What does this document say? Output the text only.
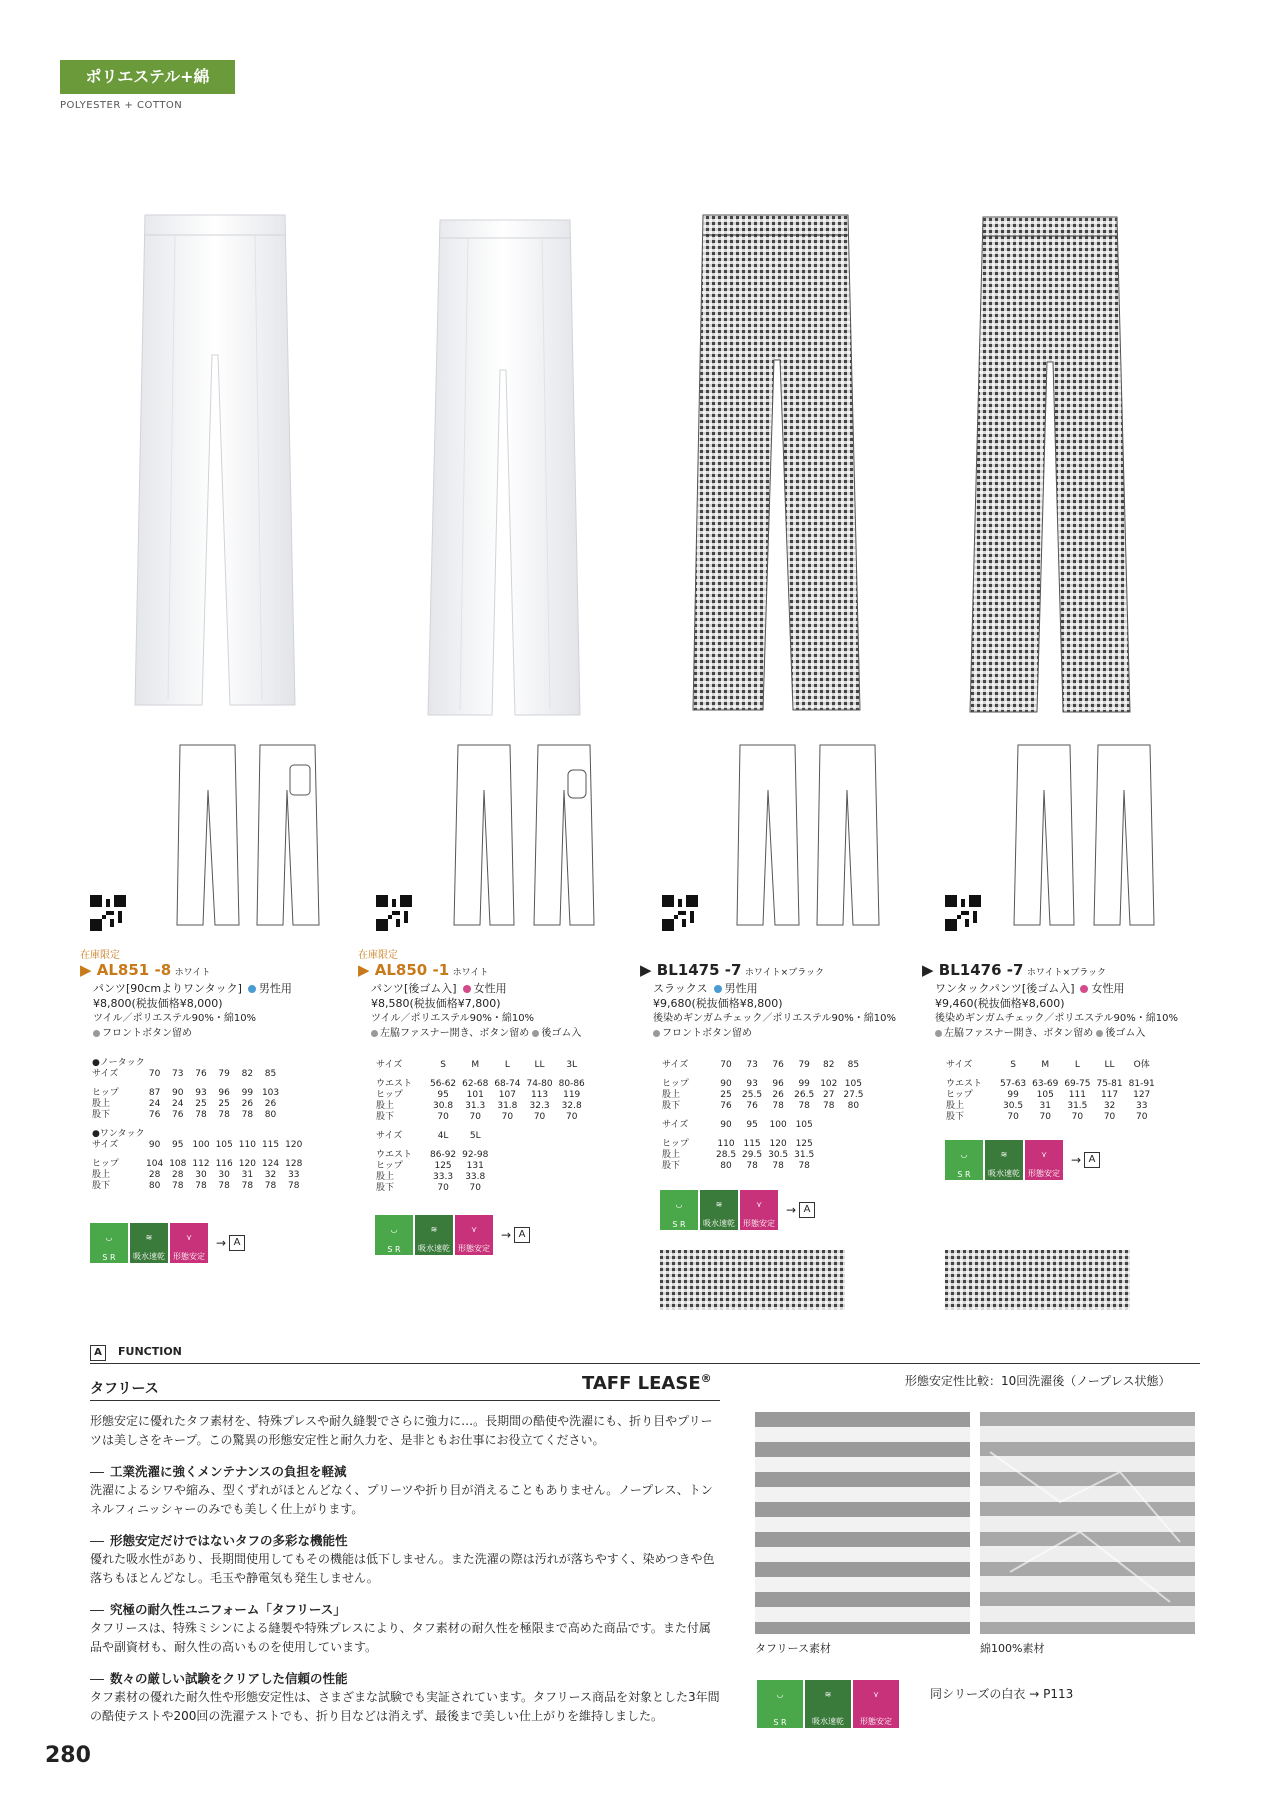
ポリエステル+綿
POLYESTER + COTTON
在庫限定
▶ AL851 -8 ホワイト
パンツ[90cmよりワンタック] 男性用
¥8,800(税抜価格¥8,000)
ツイル／ポリエステル90%・綿10%
フロントボタン留め
在庫限定
▶ AL850 -1 ホワイト
パンツ[後ゴム入] 女性用
¥8,580(税抜価格¥7,800)
ツイル／ポリエステル90%・綿10%
左脇ファスナー開き、ボタン留め 後ゴム入
▶ BL1475 -7 ホワイト×ブラック
スラックス 男性用
¥9,680(税抜価格¥8,800)
後染めギンガムチェック／ポリエステル90%・綿10%
フロントボタン留め
▶ BL1476 -7 ホワイト×ブラック
ワンタックパンツ[後ゴム入] 女性用
¥9,460(税抜価格¥8,600)
後染めギンガムチェック／ポリエステル90%・綿10%
左脇ファスナー開き、ボタン留め 後ゴム入
●ノータック							
サイズ	70	73	76	79	82	85	

ヒップ	87	90	93	96	99	103	
股上	24	24	25	25	26	26	
股下	76	76	78	78	78	80	

●ワンタック							
サイズ	90	95	100	105	110	115	120

ヒップ	104	108	112	116	120	124	128
股上	28	28	30	30	31	32	33
股下	80	78	78	78	78	78	78
サイズ	S	M	L	LL	3L

ウエスト	56-62	62-68	68-74	74-80	80-86
ヒップ	95	101	107	113	119
股上	30.8	31.3	31.8	32.3	32.8
股下	70	70	70	70	70

サイズ	4L	5L			

ウエスト	86-92	92-98			
ヒップ	125	131			
股上	33.3	33.8			
股下	70	70			
サイズ	70	73	76	79	82	85

ヒップ	90	93	96	99	102	105
股上	25	25.5	26	26.5	27	27.5
股下	76	76	78	78	78	80

サイズ	90	95	100	105		

ヒップ	110	115	120	125		
股上	28.5	29.5	30.5	31.5		
股下	80	78	78	78		
サイズ	S	M	L	LL	O体

ウエスト	57-63	63-69	69-75	75-81	81-91
ヒップ	99	105	111	117	127
股上	30.5	31	31.5	32	33
股下	70	70	70	70	70
◡
S R
≋
吸水速乾
⋎
形態安定
→ A
◡
S R
≋
吸水速乾
⋎
形態安定
→ A
◡
S R
≋
吸水速乾
⋎
形態安定
→ A
◡
S R
≋
吸水速乾
⋎
形態安定
→ A
A FUNCTION
タフリース	TAFF LEASE®

形態安定に優れたタフ素材を、特殊プレスや耐久縫製でさらに強力に…。長期間の酷使や洗濯にも、折り目やプリーツは美しさをキープ。この驚異の形態安定性と耐久力を、是非ともお仕事にお役立てください。

工業洗濯に強くメンテナンスの負担を軽減

洗濯によるシワや縮み、型くずれがほとんどなく、プリーツや折り目が消えることもありません。ノープレス、トンネルフィニッシャーのみでも美しく仕上がります。

形態安定だけではないタフの多彩な機能性

優れた吸水性があり、長期間使用してもその機能は低下しません。また洗濯の際は汚れが落ちやすく、染めつきや色落ちもほとんどなし。毛玉や静電気も発生しません。

究極の耐久性ユニフォーム「タフリース」

タフリースは、特殊ミシンによる縫製や特殊プレスにより、タフ素材の耐久性を極限まで高めた商品です。また付属品や副資材も、耐久性の高いものを使用しています。

数々の厳しい試験をクリアした信頼の性能

タフ素材の優れた耐久性や形態安定性は、さまざまな試験でも実証されています。タフリース商品を対象とした3年間の酷使テストや200回の洗濯テストでも、折り目などは消えず、最後まで美しい仕上がりを維持しました。

形態安定性比較：10回洗濯後（ノープレス状態）
タフリース素材	綿100%素材
◡
S R
≋
吸水速乾
⋎
形態安定
同シリーズの白衣 → P113
280
